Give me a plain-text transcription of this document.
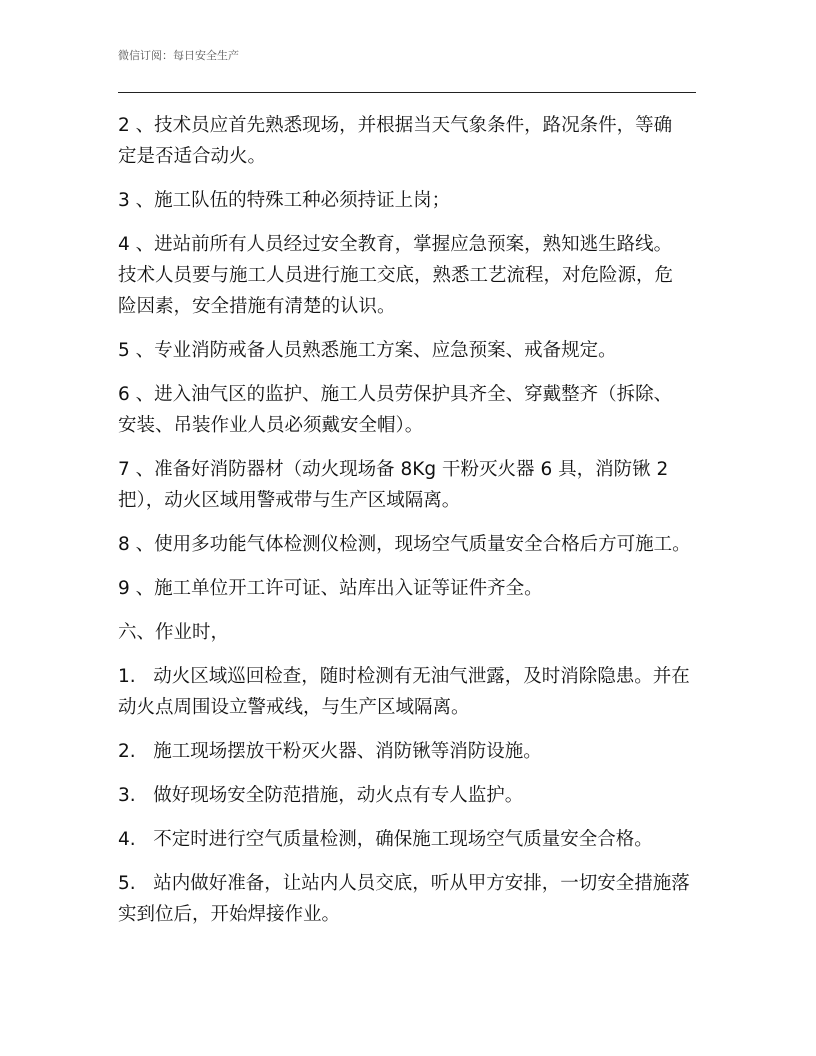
微信订阅：每日安全生产

2 、技术员应首先熟悉现场，并根据当天气象条件，路况条件，等确
定是否适合动火。

3 、施工队伍的特殊工种必须持证上岗；

4 、进站前所有人员经过安全教育，掌握应急预案，熟知逃生路线。
技术人员要与施工人员进行施工交底，熟悉工艺流程，对危险源，危
险因素，安全措施有清楚的认识。

5 、专业消防戒备人员熟悉施工方案、应急预案、戒备规定。

6 、进入油气区的监护、施工人员劳保护具齐全、穿戴整齐（拆除、
安装、吊装作业人员必须戴安全帽）。

7 、准备好消防器材（动火现场备 8Kg 干粉灭火器 6 具，消防锹 2
把），动火区域用警戒带与生产区域隔离。

8 、使用多功能气体检测仪检测，现场空气质量安全合格后方可施工。

9 、施工单位开工许可证、站库出入证等证件齐全。

六、作业时，

1.   动火区域巡回检查，随时检测有无油气泄露，及时消除隐患。并在
动火点周围设立警戒线，与生产区域隔离。

2.   施工现场摆放干粉灭火器、消防锹等消防设施。

3.   做好现场安全防范措施，动火点有专人监护。

4.   不定时进行空气质量检测，确保施工现场空气质量安全合格。

5.   站内做好准备，让站内人员交底，听从甲方安排，一切安全措施落
实到位后，开始焊接作业。
